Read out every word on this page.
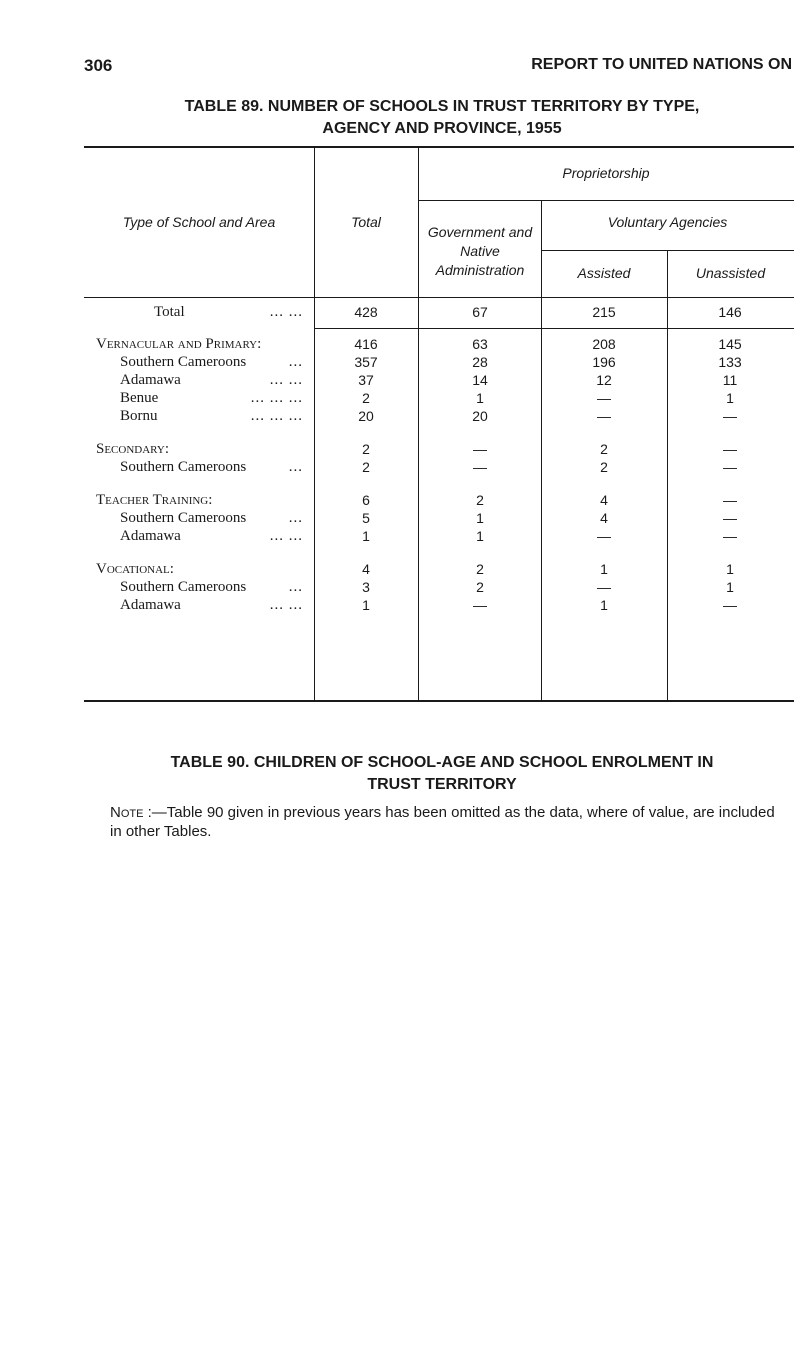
306	REPORT TO UNITED NATIONS ON
TABLE 89. NUMBER OF SCHOOLS IN TRUST TERRITORY BY TYPE,
AGENCY AND PROVINCE, 1955
Type of School and Area	Total
Proprietorship
Government and Native Administration
Voluntary Agencies
Assisted	Unassisted
Total	... ...	428	67	215	146
Vernacular and Primary:	416	63	208	145
Southern Cameroons	...	357	28	196	133
Adamawa	... ...	37	14	12	11
Benue	... ... ...	2	1	—	1
Bornu	... ... ...	20	20	—	—
Secondary:	2	—	2	—
Southern Cameroons	...	2	—	2	—
Teacher Training:	6	2	4	—
Southern Cameroons	...	5	1	4	—
Adamawa	... ...	1	1	—	—
Vocational:	4	2	1	1
Southern Cameroons	...	3	2	—	1
Adamawa	... ...	1	—	1	—
TABLE 90. CHILDREN OF SCHOOL-AGE AND SCHOOL ENROLMENT IN
TRUST TERRITORY
Note :—Table 90 given in previous years has been omitted as the data, where of value, are included in other Tables.
